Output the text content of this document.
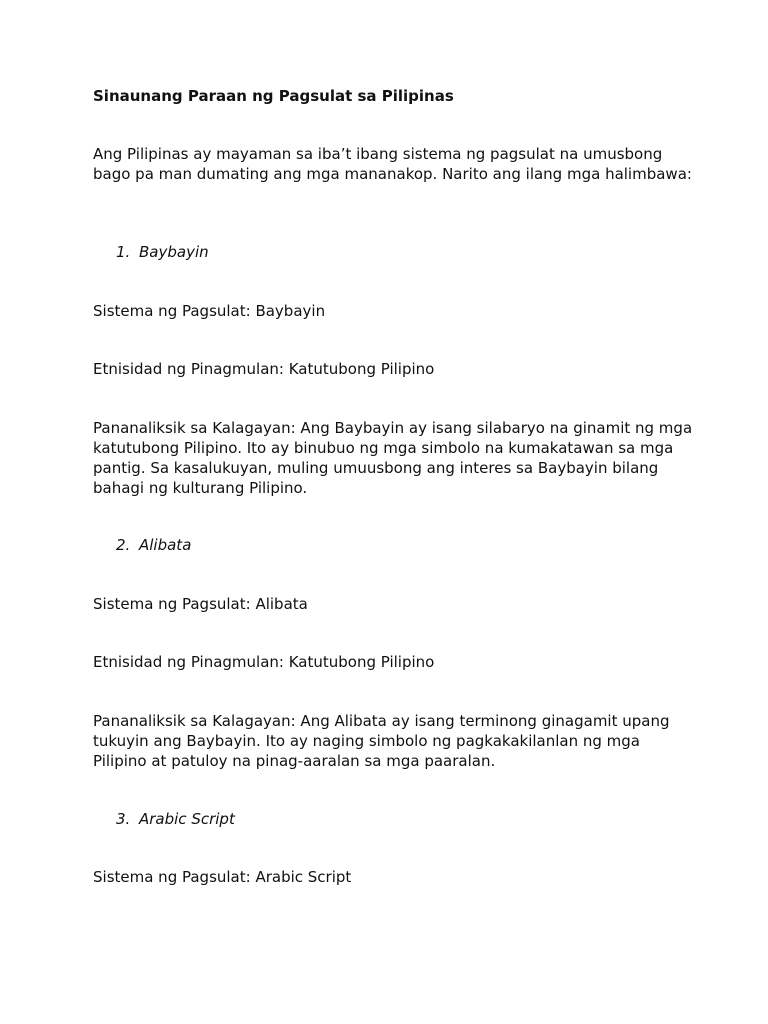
Sinaunang Paraan ng Pagsulat sa Pilipinas

Ang Pilipinas ay mayaman sa iba’t ibang sistema ng pagsulat na umusbong bago pa man dumating ang mga mananakop. Narito ang ilang mga halimbawa:

1. Baybayin

Sistema ng Pagsulat: Baybayin

Etnisidad ng Pinagmulan: Katutubong Pilipino

Pananaliksik sa Kalagayan: Ang Baybayin ay isang silabaryo na ginamit ng mga katutubong Pilipino. Ito ay binubuo ng mga simbolo na kumakatawan sa mga pantig. Sa kasalukuyan, muling umuusbong ang interes sa Baybayin bilang bahagi ng kulturang Pilipino.

2. Alibata

Sistema ng Pagsulat: Alibata

Etnisidad ng Pinagmulan: Katutubong Pilipino

Pananaliksik sa Kalagayan: Ang Alibata ay isang terminong ginagamit upang tukuyin ang Baybayin. Ito ay naging simbolo ng pagkakakilanlan ng mga Pilipino at patuloy na pinag-aaralan sa mga paaralan.

3. Arabic Script

Sistema ng Pagsulat: Arabic Script
